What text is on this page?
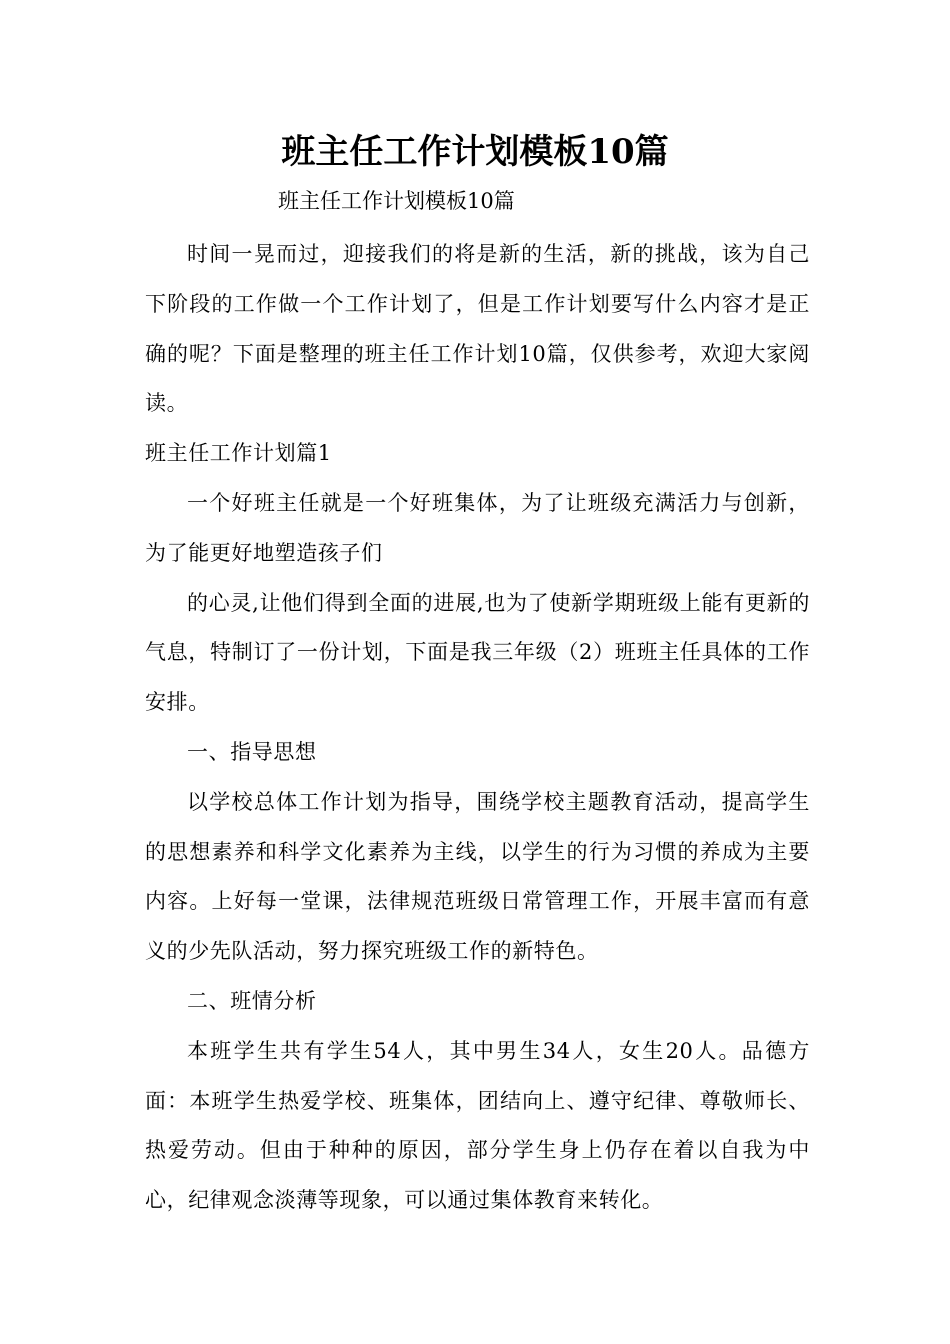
班主任工作计划模板10篇
班主任工作计划模板10篇

时间一晃而过，迎接我们的将是新的生活，新的挑战，该为自己下阶段的工作做一个工作计划了，但是工作计划要写什么内容才是正确的呢？下面是整理的班主任工作计划10篇，仅供参考，欢迎大家阅读。

班主任工作计划篇1

一个好班主任就是一个好班集体，为了让班级充满活力与创新，为了能更好地塑造孩子们

的心灵,让他们得到全面的进展,也为了使新学期班级上能有更新的气息，特制订了一份计划，下面是我三年级（2）班班主任具体的工作安排。

一、指导思想

以学校总体工作计划为指导，围绕学校主题教育活动，提高学生的思想素养和科学文化素养为主线，以学生的行为习惯的养成为主要内容。上好每一堂课，法律规范班级日常管理工作，开展丰富而有意义的少先队活动，努力探究班级工作的新特色。

二、班情分析

本班学生共有学生54人，其中男生34人，女生20人。品德方面：本班学生热爱学校、班集体，团结向上、遵守纪律、尊敬师长、热爱劳动。但由于种种的原因，部分学生身上仍存在着以自我为中心，纪律观念淡薄等现象，可以通过集体教育来转化。
